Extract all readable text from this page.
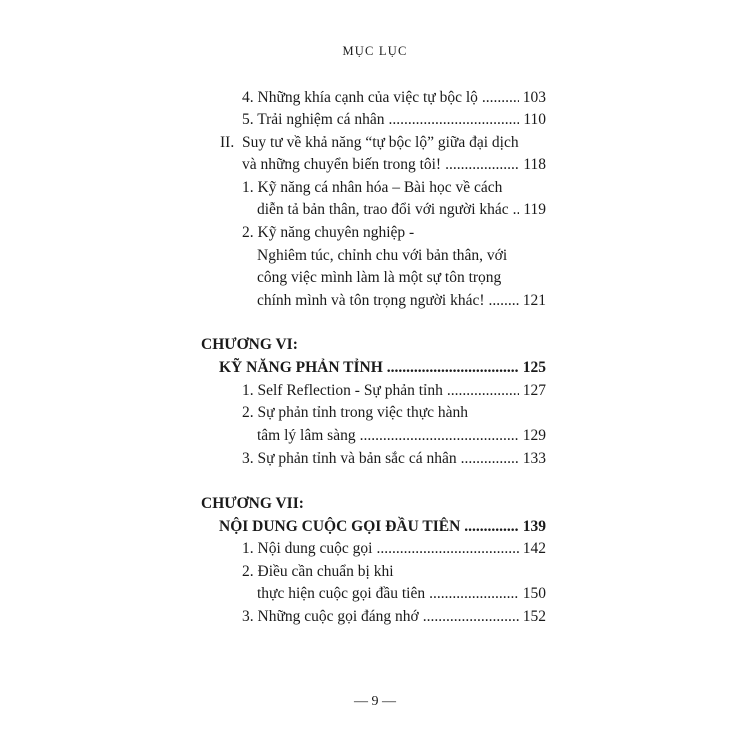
MỤC LỤC
4. Những khía cạnh của việc tự bộc lộ .....	103
5. Trải nghiệm cá nhân .....	110
II. Suy tư về khả năng “tự bộc lộ” giữa đại dịch
và những chuyển biến trong tôi! .....	118
1. Kỹ năng cá nhân hóa – Bài học về cách
diễn tả bản thân, trao đổi với người khác ..... 119
2. Kỹ năng chuyên nghiệp -
Nghiêm túc, chỉnh chu với bản thân, với
công việc mình làm là một sự tôn trọng
chính mình và tôn trọng người khác! ..... 121
CHƯƠNG VI:
KỸ NĂNG PHẢN TỈNH .....	125
1. Self Reflection - Sự phản tỉnh .....	127
2. Sự phản tỉnh trong việc thực hành
tâm lý lâm sàng .....	129
3. Sự phản tỉnh và bản sắc cá nhân .....	133
CHƯƠNG VII:
NỘI DUNG CUỘC GỌI ĐẦU TIÊN .....	139
1. Nội dung cuộc gọi .....	142
2. Điều cần chuẩn bị khi
thực hiện cuộc gọi đầu tiên .....	150
3. Những cuộc gọi đáng nhớ .....	152
— 9 —
